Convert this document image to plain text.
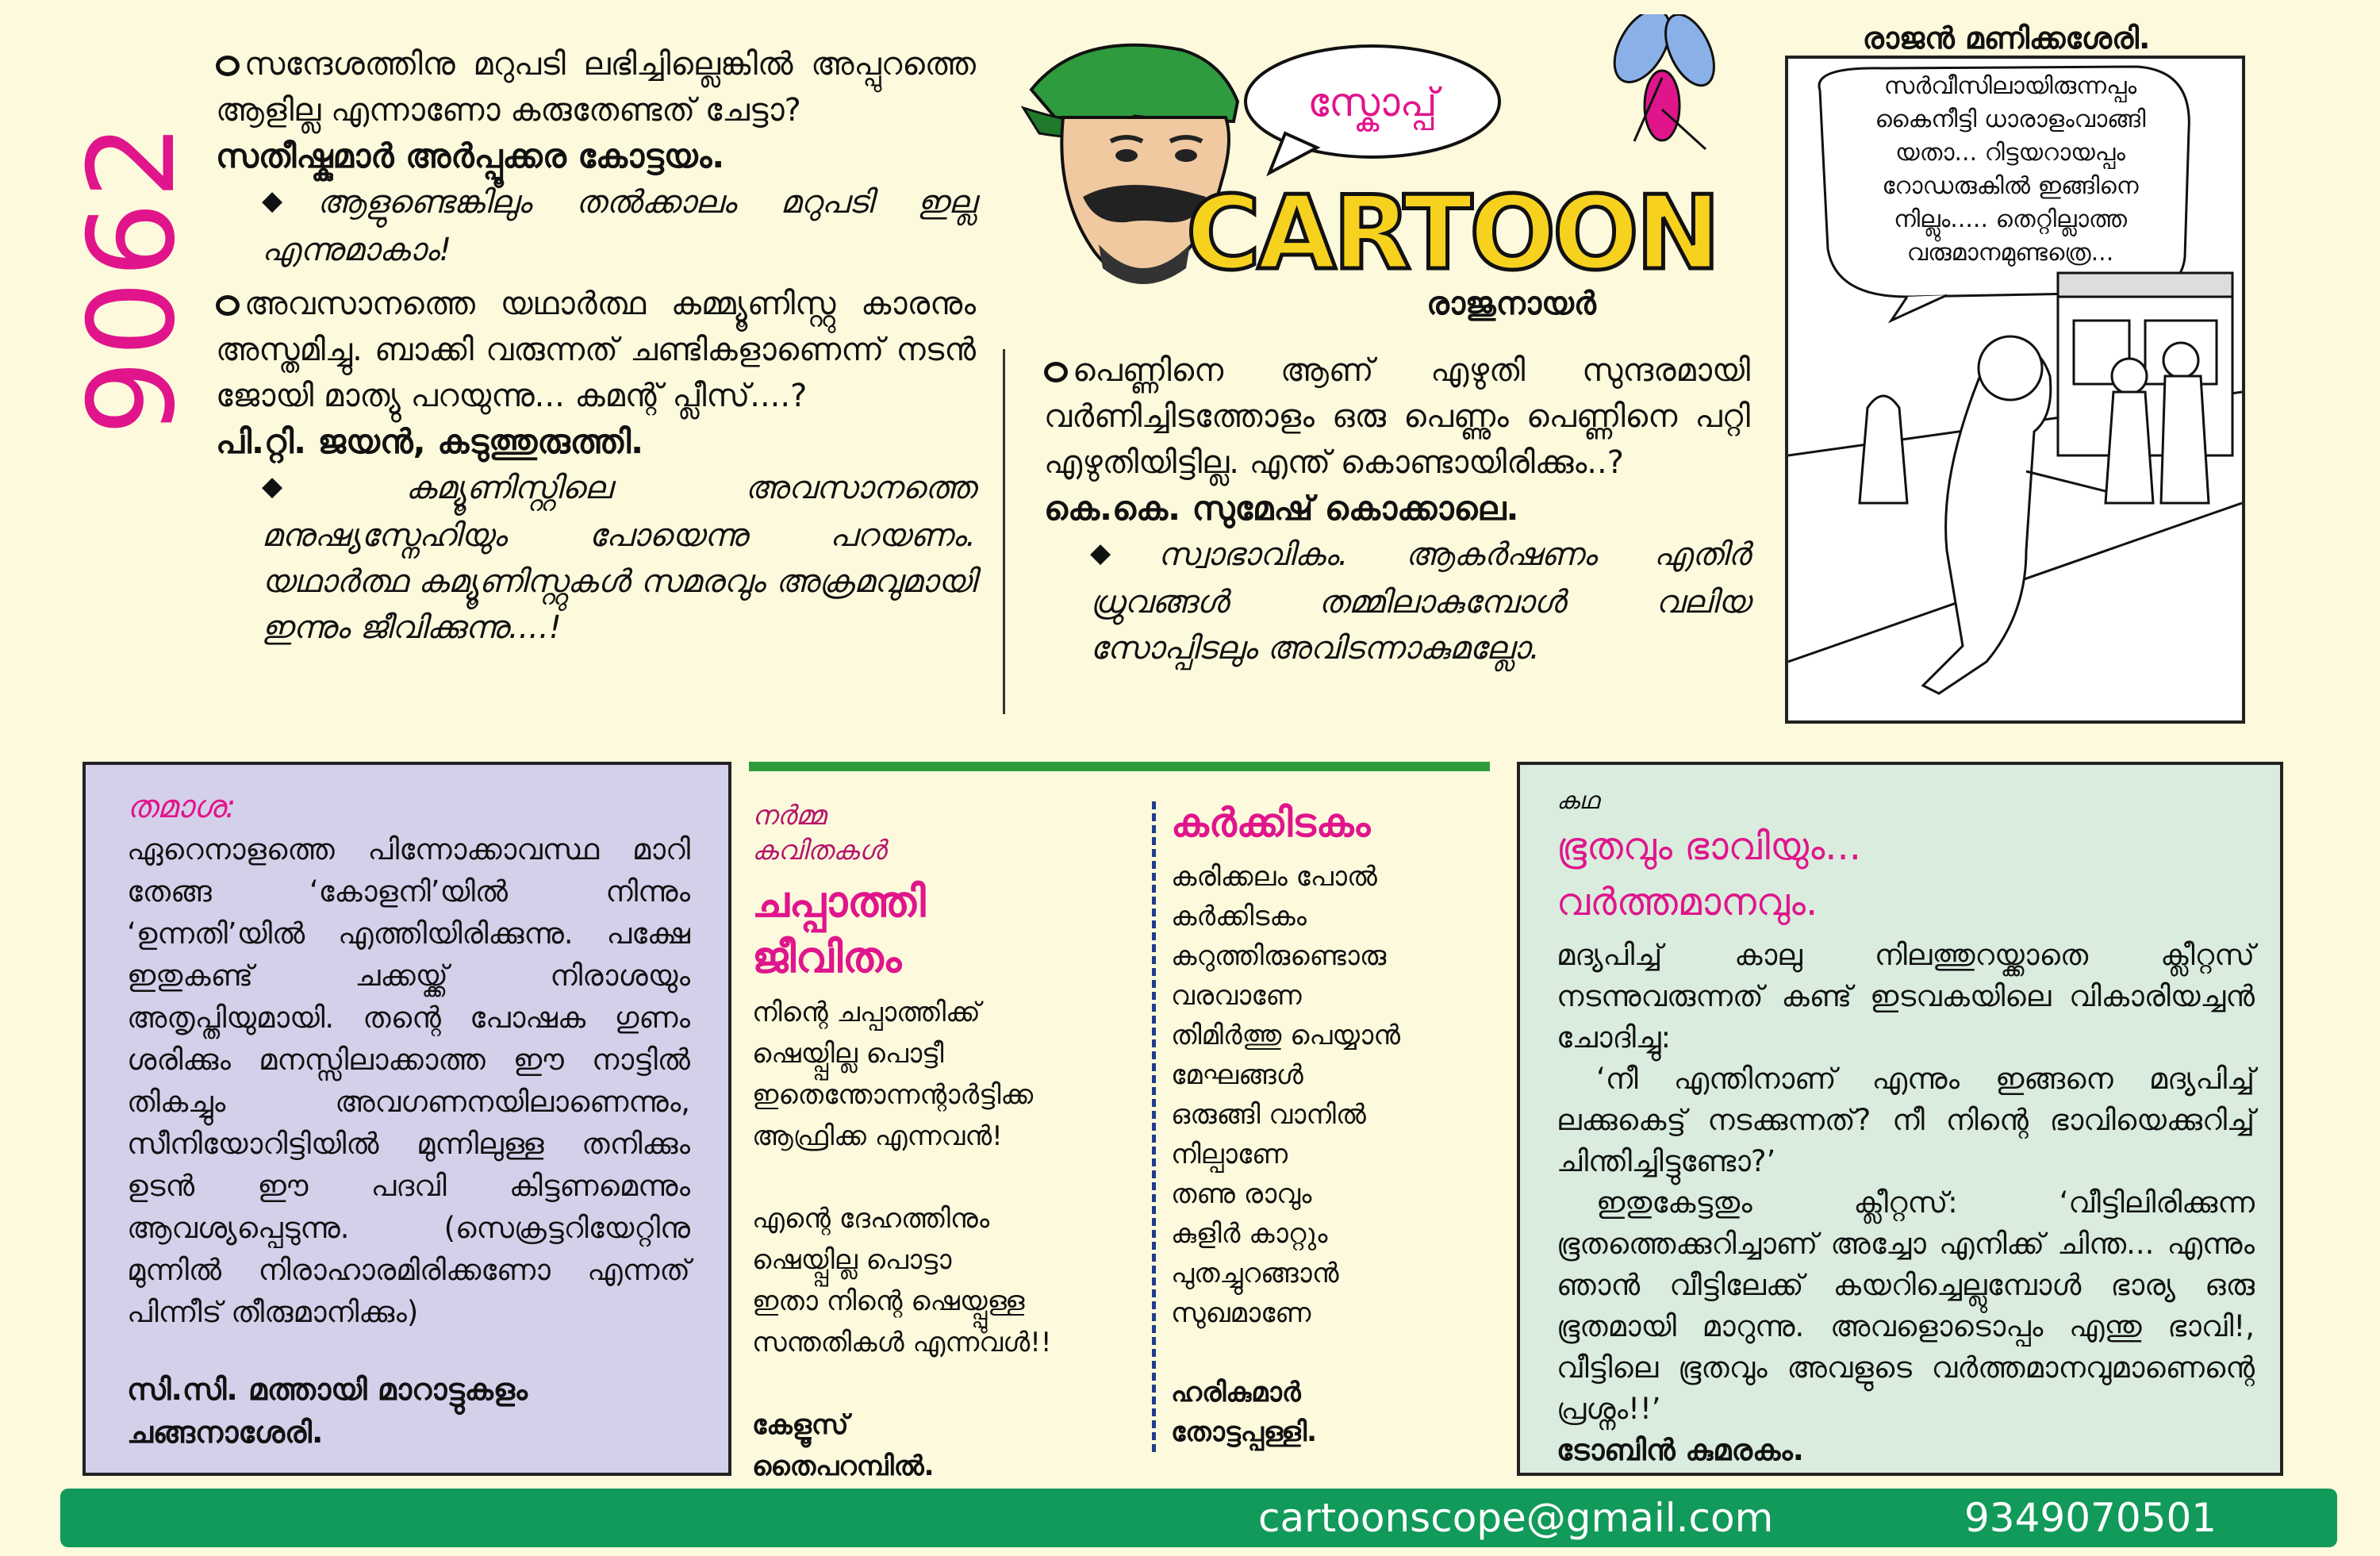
9062
സന്ദേശത്തിനു മറുപടി ലഭിച്ചില്ലെങ്കിൽ അപ്പുറത്തെ ആളില്ല എന്നാണോ കരുതേണ്ടത് ചേട്ടാ?
സതീഷ്കുമാർ അർപ്പൂക്കര കോട്ടയം.
◆ആളുണ്ടെങ്കിലും തൽക്കാലം മറുപടി ഇല്ല എന്നുമാകാം!
അവസാനത്തെ യഥാർത്ഥ കമ്മ്യൂണിസ്റ്റു കാരനും അസ്തമിച്ചു. ബാക്കി വരുന്നത് ചണ്ടികളാണെന്ന് നടൻ ജോയി മാത്യു പറയുന്നു... കമന്റ് പ്ലീസ്....?
പി.റ്റി. ജയൻ, കടുത്തുരുത്തി.
◆കമ്യൂണിസ്റ്റിലെ അവസാനത്തെ മനുഷ്യസ്നേഹിയും പോയെന്നു പറയണം. യഥാർത്ഥ കമ്യൂണിസ്റ്റുകൾ സമരവും അക്രമവുമായി ഇന്നും ജീവിക്കുന്നു....!
സ്കോപ്പ്
CARTOON
രാജുനായർ
പെണ്ണിനെ ആണ് എഴുതി സുന്ദരമായി വർണിച്ചിടത്തോളം ഒരു പെണ്ണും പെണ്ണിനെ പറ്റി എഴുതിയിട്ടില്ല. എന്ത് കൊണ്ടായിരിക്കും..?
കെ.കെ. സുമേഷ് കൊക്കാലെ.
◆സ്വാഭാവികം. ആകർഷണം എതിർ ധ്രുവങ്ങൾ തമ്മിലാകുമ്പോൾ വലിയ സോപ്പിടലും അവിടന്നാകുമല്ലോ.
രാജൻ മണിക്കശേരി.
സർവീസിലായിരുന്നപ്പം
കൈനീട്ടി ധാരാളംവാങ്ങി
യതാ... റിട്ടയറായപ്പം
റോഡരുകിൽ ഇങ്ങിനെ
നില്ലും..... തെറ്റില്ലാത്ത
വരുമാനമുണ്ടത്രെ...
തമാശ:
ഏറെനാളത്തെ പിന്നോക്കാവസ്ഥ മാറി തേങ്ങ ‘കോളനി’യിൽ നിന്നും ‘ഉന്നതി’യിൽ എത്തിയിരിക്കുന്നു. പക്ഷേ ഇതുകണ്ട് ചക്കയ്ക്ക് നിരാശയും അതൃപ്തിയുമായി. തന്റെ പോഷക ഗുണം ശരിക്കും മനസ്സിലാക്കാത്ത ഈ നാട്ടിൽ തികച്ചും അവഗണനയിലാണെന്നും, സീനിയോറിട്ടിയിൽ മുന്നിലുള്ള തനിക്കും ഉടൻ ഈ പദവി കിട്ടണമെന്നും ആവശ്യപ്പെടുന്നു. (സെക്രട്ടറിയേറ്റിനു മുന്നിൽ നിരാഹാരമിരിക്കണോ എന്നത് പിന്നീട് തീരുമാനിക്കും)
സി.സി. മത്തായി മാറാട്ടുകളം
ചങ്ങനാശേരി.
നർമ്മ
കവിതകൾ
ചപ്പാത്തി
ജീവിതം
നിന്റെ ചപ്പാത്തിക്ക്
ഷെയ്പ്പില്ല പൊട്ടീ
ഇതെന്തോന്നന്റാർട്ടിക്ക
ആഫ്രിക്ക എന്നവൻ!
എന്റെ ദേഹത്തിനും
ഷെയ്പ്പില്ല പൊട്ടാ
ഇതാ നിന്റെ ഷെയ്പ്പുള്ള
സന്തതികൾ എന്നവൾ!!
കേളൂസ്
തൈപറമ്പിൽ.
കർക്കിടകം
കരിക്കലം പോൽ
കർക്കിടകം
കറുത്തിരുണ്ടൊരു
വരവാണേ
തിമിർത്തു പെയ്യാൻ
മേഘങ്ങൾ
ഒരുങ്ങി വാനിൽ
നില്പാണേ
തണു രാവും
കുളിർ കാറ്റും
പുതച്ചുറങ്ങാൻ
സുഖമാണേ
ഹരികുമാർ
തോട്ടപ്പള്ളി.
കഥ
ഭൂതവും ഭാവിയും...
വർത്തമാനവും.
മദ്യപിച്ച് കാലു നിലത്തുറയ്ക്കാതെ ക്ലീറ്റസ് നടന്നുവരുന്നത് കണ്ട് ഇടവകയിലെ വികാരിയച്ചൻ ചോദിച്ചു:
‘നീ എന്തിനാണ് എന്നും ഇങ്ങനെ മദ്യപിച്ച് ലക്കുകെട്ട് നടക്കുന്നത്? നീ നിന്റെ ഭാവിയെക്കുറിച്ച് ചിന്തിച്ചിട്ടുണ്ടോ?’
ഇതുകേട്ടതും ക്ലീറ്റസ്: ‘വീട്ടിലിരിക്കുന്ന ഭൂതത്തെക്കുറിച്ചാണ് അച്ചോ എനിക്ക് ചിന്ത... എന്നും ഞാൻ വീട്ടിലേക്ക് കയറിച്ചെല്ലുമ്പോൾ ഭാര്യ ഒരു ഭൂതമായി മാറുന്നു. അവളൊടൊപ്പം എന്തു ഭാവി!, വീട്ടിലെ ഭൂതവും അവളുടെ വർത്തമാനവുമാണെന്റെ പ്രശ്നം!!’
ടോബിൻ കുമരകം.
cartoonscope@gmail.com	9349070501
